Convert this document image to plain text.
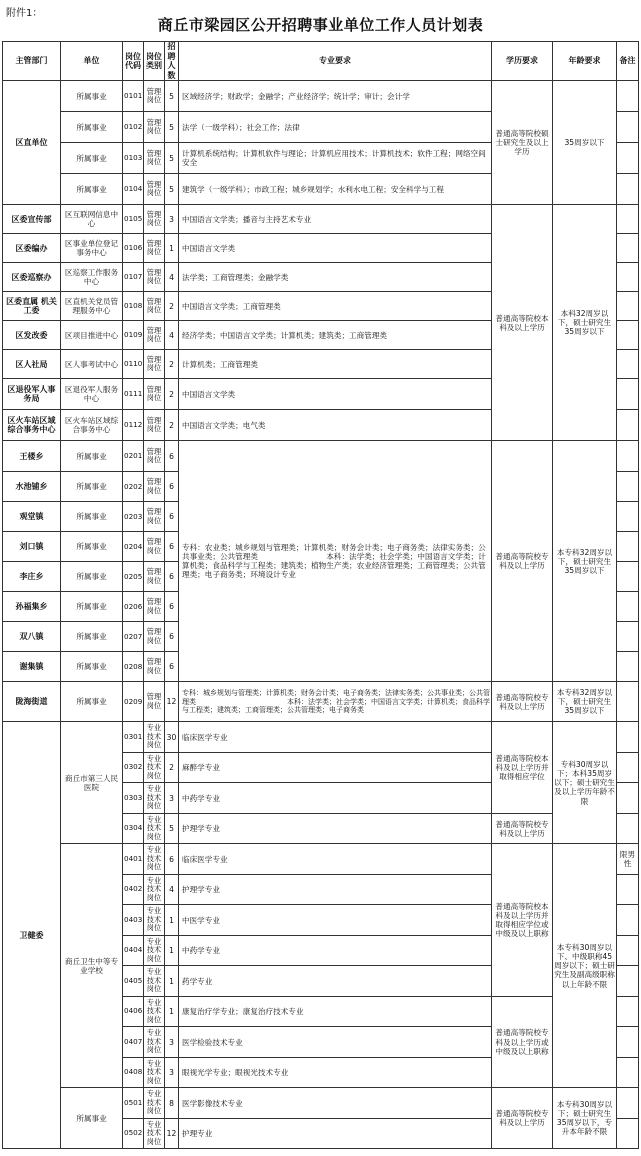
附件1：
商丘市梁园区公开招聘事业单位工作人员计划表
主管部门	单位	岗位代码	岗位类别	招聘人数	专业要求	学历要求	年龄要求	备注
区直单位	所属事业	0101	管理岗位	5	区域经济学；财政学；金融学；产业经济学；统计学；审计；会计学	普通高等院校硕士研究生及以上学历	35周岁以下	
	所属事业	0102	管理岗位	5	法学（一级学科）；社会工作；法律			
	所属事业	0103	管理岗位	5	计算机系统结构；计算机软件与理论；计算机应用技术；计算机技术；软件工程；网络空间安全			
	所属事业	0104	管理岗位	5	建筑学（一级学科）；市政工程；城乡规划学；水利水电工程；安全科学与工程			
区委宣传部	区互联网信息中心	0105	管理岗位	3	中国语言文学类；播音与主持艺术专业	普通高等院校本科及以上学历	本科32周岁以下，硕士研究生35周岁以下	
区委编办	区事业单位登记事务中心	0106	管理岗位	1	中国语言文学类			
区委巡察办	区巡察工作服务中心	0107	管理岗位	4	法学类；工商管理类；金融学类			
区委直属 机关工委	区直机关党员管理服务中心	0108	管理岗位	2	中国语言文学类；工商管理类			
区发改委	区项目推进中心	0109	管理岗位	4	经济学类；中国语言文学类；计算机类；建筑类；工商管理类			
区人社局	区人事考试中心	0110	管理岗位	2	计算机类；工商管理类			
区退役军人事务局	区退役军人服务中心	0111	管理岗位	2	中国语言文学类			
区火车站区域综合事务中心	区火车站区域综合事务中心	0112	管理岗位	2	中国语言文学类；电气类			
王楼乡	所属事业	0201	管理岗位	6	专科：农业类；城乡规划与管理类；计算机类；财务会计类；电子商务类；法律实务类；公共事业类；公共管理类　　　　　　　　　本科：法学类；社会学类；中国语言文学类；计算机类；食品科学与工程类；建筑类；植物生产类；农业经济管理类；工商管理类；公共管理类；电子商务类；环境设计专业	普通高等院校专科及以上学历	本专科32周岁以下，硕士研究生35周岁以下	
水池铺乡	所属事业	0202	管理岗位	6				
观堂镇	所属事业	0203	管理岗位	6				
刘口镇	所属事业	0204	管理岗位	6				
李庄乡	所属事业	0205	管理岗位	6				
孙福集乡	所属事业	0206	管理岗位	6				
双八镇	所属事业	0207	管理岗位	6				
谢集镇	所属事业	0208	管理岗位	6				
陇海街道	所属事业	0209	管理岗位	12	专科：城乡规划与管理类；计算机类；财务会计类；电子商务类；法律实务类；公共事业类；公共管理类　　　　　　　　　　　　　本科：法学类；社会学类；中国语言文学类；计算机类；食品科学与工程类；建筑类；工商管理类；公共管理类；电子商务类	普通高等院校专科及以上学历	本专科32周岁以下，硕士研究生35周岁以下	
卫健委	商丘市第三人民医院	0301	专业技术岗位	30	临床医学专业	普通高等院校本科及以上学历并取得相应学位	专科30周岁以下；本科35周岁以下；硕士研究生及以上学历年龄不限	
		0302	专业技术岗位	2	麻醉学专业			
		0303	专业技术岗位	3	中药学专业			
		0304	专业技术岗位	5	护理学专业	普通高等院校专科及以上学历		
	商丘卫生中等专业学校	0401	专业技术岗位	6	临床医学专业	普通高等院校本科及以上学历并取得相应学位或中级及以上职称	本专科30周岁以下、中级职称45周岁以下；硕士研究生及副高级职称以上年龄不限	限男性
		0402	专业技术岗位	4	护理学专业			
		0403	专业技术岗位	1	中医学专业			
		0404	专业技术岗位	1	中药学专业			
		0405	专业技术岗位	1	药学专业			
		0406	专业技术岗位	1	康复治疗学专业；康复治疗技术专业	普通高等院校专科及以上学历或中级及以上职称		
		0407	专业技术岗位	3	医学检验技术专业			
		0408	专业技术岗位	3	眼视光学专业；眼视光技术专业			
	所属事业	0501	专业技术岗位	8	医学影像技术专业	普通高等院校专科及以上学历	本专科30周岁以下；硕士研究生35周岁以下，专升本年龄不限	
		0502	专业技术岗位	12	护理专业			
